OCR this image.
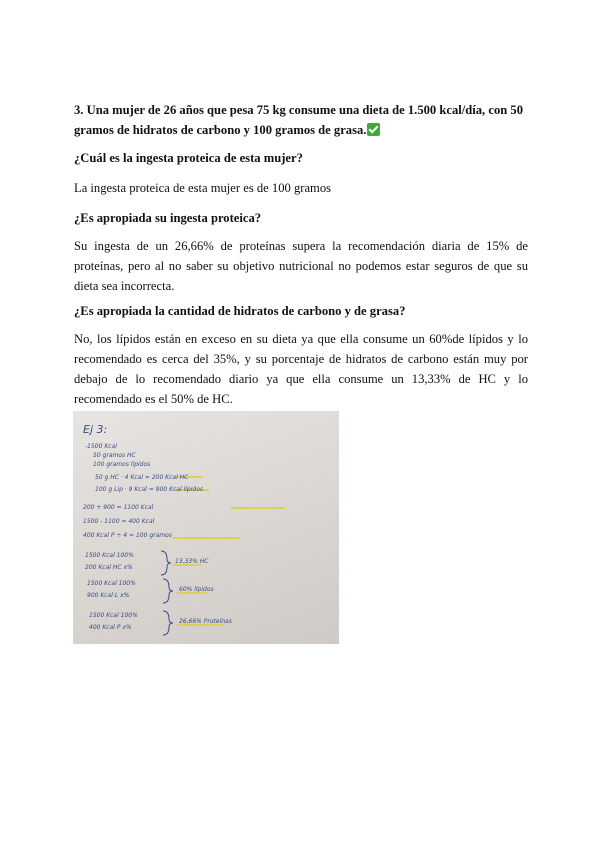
3. Una mujer de 26 años que pesa 75 kg consume una dieta de 1.500 kcal/día, con 50 gramos de hidratos de carbono y 100 gramos de grasa.

¿Cuál es la ingesta proteica de esta mujer?

La ingesta proteica de esta mujer es de 100 gramos

¿Es apropiada su ingesta proteica?

Su ingesta de un 26,66% de proteínas supera la recomendación diaria de 15% de proteínas, pero al no saber su objetivo nutricional no podemos estar seguros de que su dieta sea incorrecta.

¿Es apropiada la cantidad de hidratos de carbono y de grasa?

No, los lípidos están en exceso en su dieta ya que ella consume un 60%de lípidos y lo recomendado es cerca del 35%, y su porcentaje de hidratos de carbono están muy por debajo de lo recomendado diario ya que ella consume un 13,33% de HC y lo recomendado es el 50% de HC.

Ej 3:
-1500 Kcal
50 gramos HC
100 gramos lípidos
50 g HC · 4 Kcal = 200 Kcal HC
100 g Lip · 9 Kcal = 900 Kcal lípidos
200 + 900 = 1100 Kcal
1500 - 1100 = 400 Kcal
400 Kcal P ÷ 4 = 100 gramos
1500 Kcal 100%
200 Kcal HC x%
13,33% HC
1500 Kcal 100%
900 Kcal L x%
60% lípidos
1500 Kcal 100%
400 Kcal P x%
26,66% Proteínas
